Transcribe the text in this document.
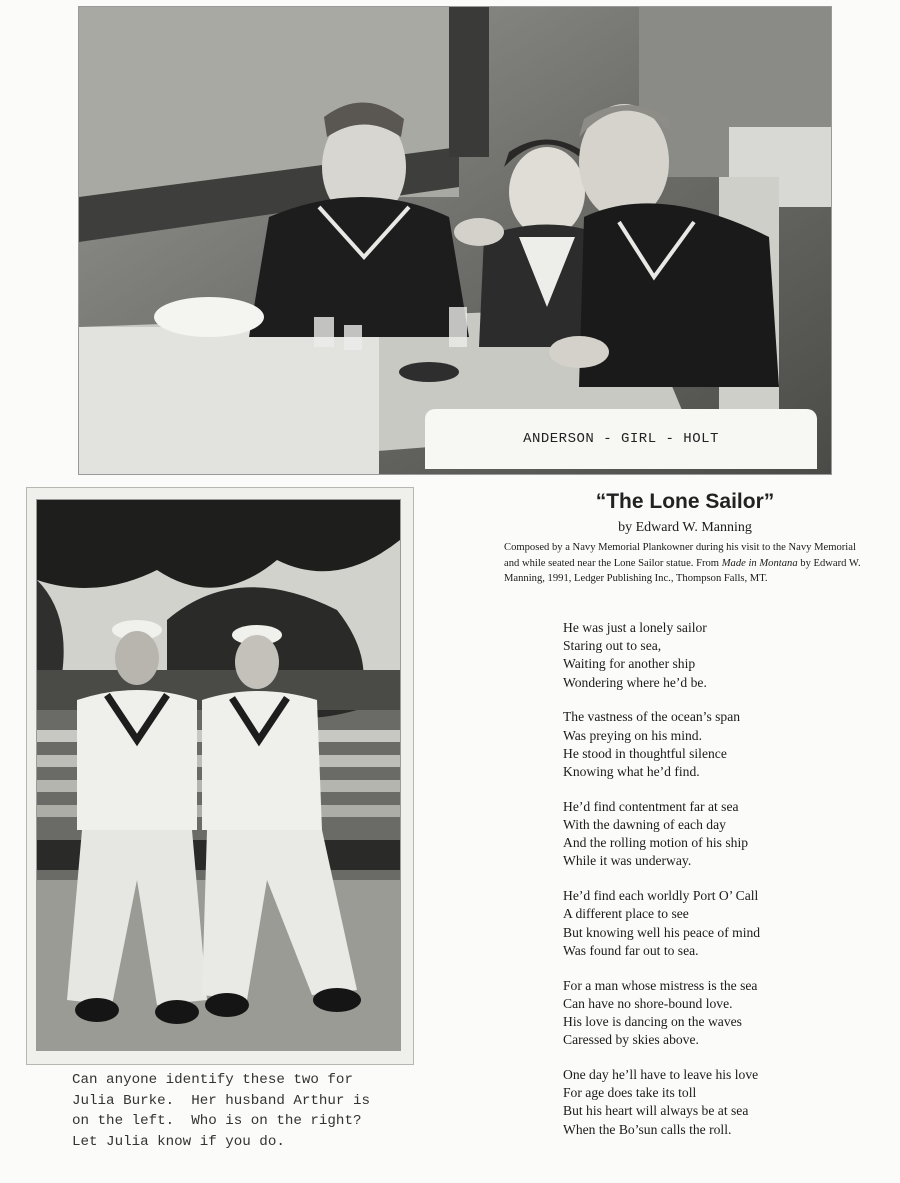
ANDERSON - GIRL - HOLT

Can anyone identify these two for
Julia Burke.  Her husband Arthur is
on the left.  Who is on the right?
Let Julia know if you do.

“The Lone Sailor”

by Edward W. Manning

Composed by a Navy Memorial Plankowner during his visit to the Navy Memorial and while seated near the Lone Sailor statue. From Made in Montana by Edward W. Manning, 1991, Ledger Publishing Inc., Thompson Falls, MT.

He was just a lonely sailor
Staring out to sea,
Waiting for another ship
Wondering where he’d be.

The vastness of the ocean’s span
Was preying on his mind.
He stood in thoughtful silence
Knowing what he’d find.

He’d find contentment far at sea
With the dawning of each day
And the rolling motion of his ship
While it was underway.

He’d find each worldly Port O’ Call
A different place to see
But knowing well his peace of mind
Was found far out to sea.

For a man whose mistress is the sea
Can have no shore-bound love.
His love is dancing on the waves
Caressed by skies above.

One day he’ll have to leave his love
For age does take its toll
But his heart will always be at sea
When the Bo’sun calls the roll.
